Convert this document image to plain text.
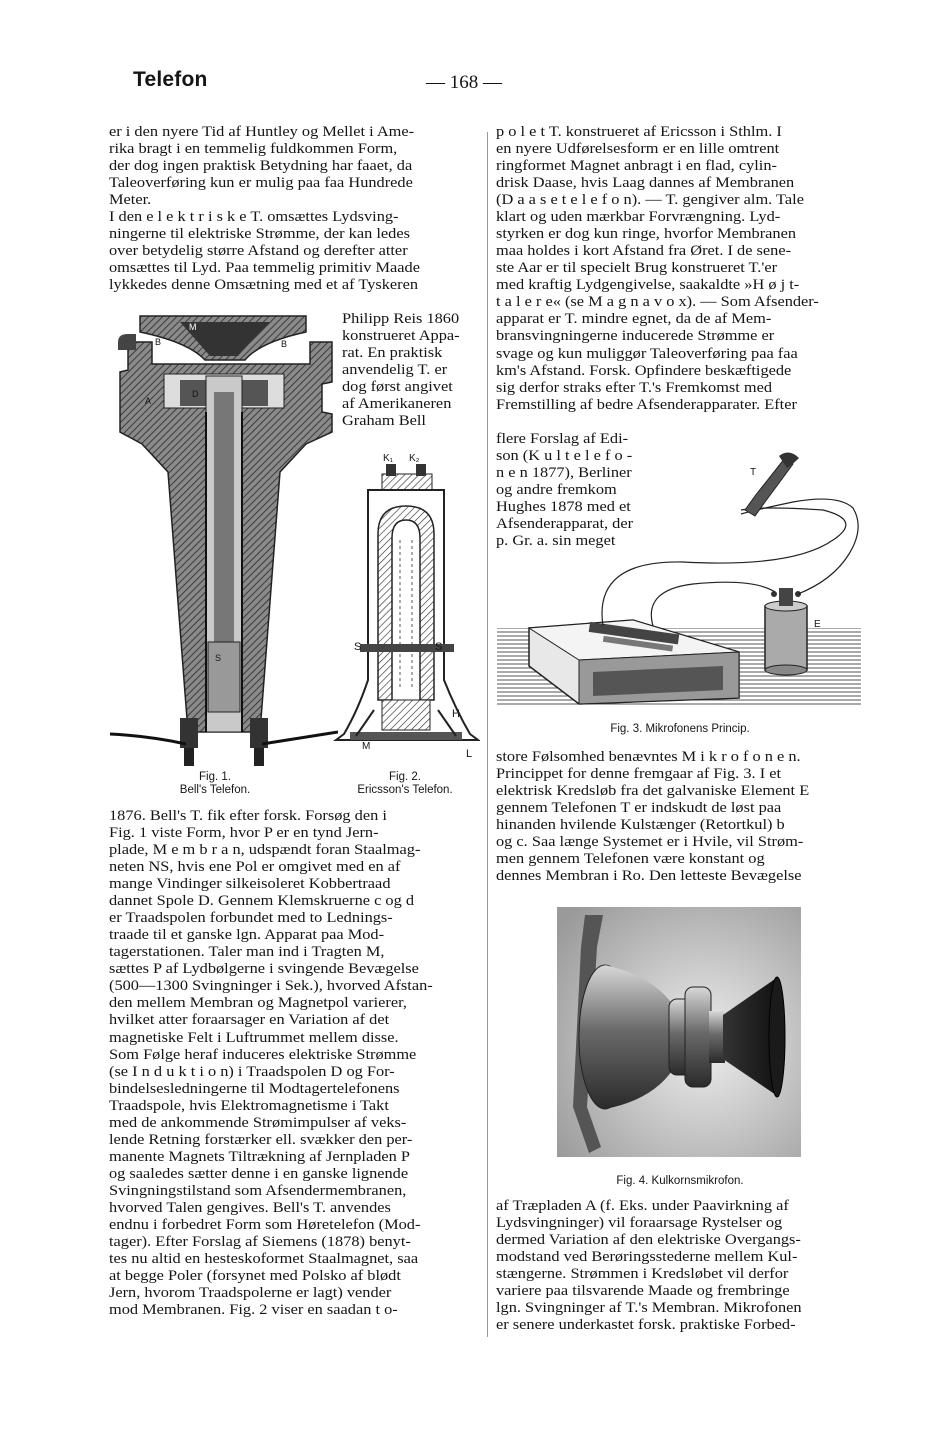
Telefon	— 168 —
er i den nyere Tid af Huntley og Mellet i Ame-
rika bragt i en temmelig fuldkommen Form,
der dog ingen praktisk Betydning har faaet, da
Taleoverføring kun er mulig paa faa Hundrede
Meter.
I den e l e k t r i s k e T. omsættes Lydsving-
ningerne til elektriske Strømme, der kan ledes
over betydelig større Afstand og derefter atter
omsættes til Lyd. Paa temmelig primitiv Maade
lykkedes denne Omsætning med et af Tyskeren
Philipp Reis 1860
konstrueret Appa-
rat. En praktisk
anvendelig T. er
dog først angivet
af Amerikaneren
Graham Bell
1876. Bell's T. fik efter forsk. Forsøg den i
Fig. 1 viste Form, hvor P er en tynd Jern-
plade, M e m b r a n, udspændt foran Staalmag-
neten NS, hvis ene Pol er omgivet med en af
mange Vindinger silkeisoleret Kobbertraad
dannet Spole D. Gennem Klemskruerne c og d
er Traadspolen forbundet med to Lednings-
traade til et ganske lgn. Apparat paa Mod-
tagerstationen. Taler man ind i Tragten M,
sættes P af Lydbølgerne i svingende Bevægelse
(500—1300 Svingninger i Sek.), hvorved Afstan-
den mellem Membran og Magnetpol varierer,
hvilket atter foraarsager en Variation af det
magnetiske Felt i Luftrummet mellem disse.
Som Følge heraf induceres elektriske Strømme
(se I n d u k t i o n) i Traadspolen D og For-
bindelsesledningerne til Modtagertelefonens
Traadspole, hvis Elektromagnetisme i Takt
med de ankommende Strømimpulser af veks-
lende Retning forstærker ell. svækker den per-
manente Magnets Tiltrækning af Jernpladen P
og saaledes sætter denne i en ganske lignende
Svingningstilstand som Afsendermembranen,
hvorved Talen gengives. Bell's T. anvendes
endnu i forbedret Form som Høretelefon (Mod-
tager). Efter Forslag af Siemens (1878) benyt-
tes nu altid en hesteskoformet Staalmagnet, saa
at begge Poler (forsynet med Polsko af blødt
Jern, hvorom Traadspolerne er lagt) vender
mod Membranen. Fig. 2 viser en saadan t o-
p o l e t T. konstrueret af Ericsson i Sthlm. I
en nyere Udførelsesform er en lille omtrent
ringformet Magnet anbragt i en flad, cylin-
drisk Daase, hvis Laag dannes af Membranen
(D a a s e t e l e f o n). — T. gengiver alm. Tale
klart og uden mærkbar Forvrængning. Lyd-
styrken er dog kun ringe, hvorfor Membranen
maa holdes i kort Afstand fra Øret. I de sene-
ste Aar er til specielt Brug konstrueret T.'er
med kraftig Lydgengivelse, saakaldte »H ø j t-
t a l e r e« (se M a g n a v o x). — Som Afsender-
apparat er T. mindre egnet, da de af Mem-
bransvingningerne inducerede Strømme er
svage og kun muliggør Taleoverføring paa faa
km's Afstand. Forsk. Opfindere beskæftigede
sig derfor straks efter T.'s Fremkomst med
Fremstilling af bedre Afsenderapparater. Efter
flere Forslag af Edi-
son (K u l t e l e f o -
n e n 1877), Berliner
og andre fremkom
Hughes 1878 med et
Afsenderapparat, der
p. Gr. a. sin meget
store Følsomhed benævntes M i k r o f o n e n.
Princippet for denne fremgaar af Fig. 3. I et
elektrisk Kredsløb fra det galvaniske Element E
gennem Telefonen T er indskudt de løst paa
hinanden hvilende Kulstænger (Retortkul) b
og c. Saa længe Systemet er i Hvile, vil Strøm-
men gennem Telefonen være konstant og
dennes Membran i Ro. Den letteste Bevægelse
af Træpladen A (f. Eks. under Paavirkning af
Lydsvingninger) vil foraarsage Rystelser og
dermed Variation af den elektriske Overgangs-
modstand ved Berøringsstederne mellem Kul-
stængerne. Strømmen i Kredsløbet vil derfor
variere paa tilsvarende Maade og frembringe
lgn. Svingninger af T.'s Membran. Mikrofonen
er senere underkastet forsk. praktiske Forbed-
Fig. 1.
Bell's Telefon.
Fig. 2.
Ericsson's Telefon.
M
B	B
D
A
S
K₁ K₂
S	S
H
M
L
T
E
Fig. 3. Mikrofonens Princip.
Fig. 4. Kulkornsmikrofon.
